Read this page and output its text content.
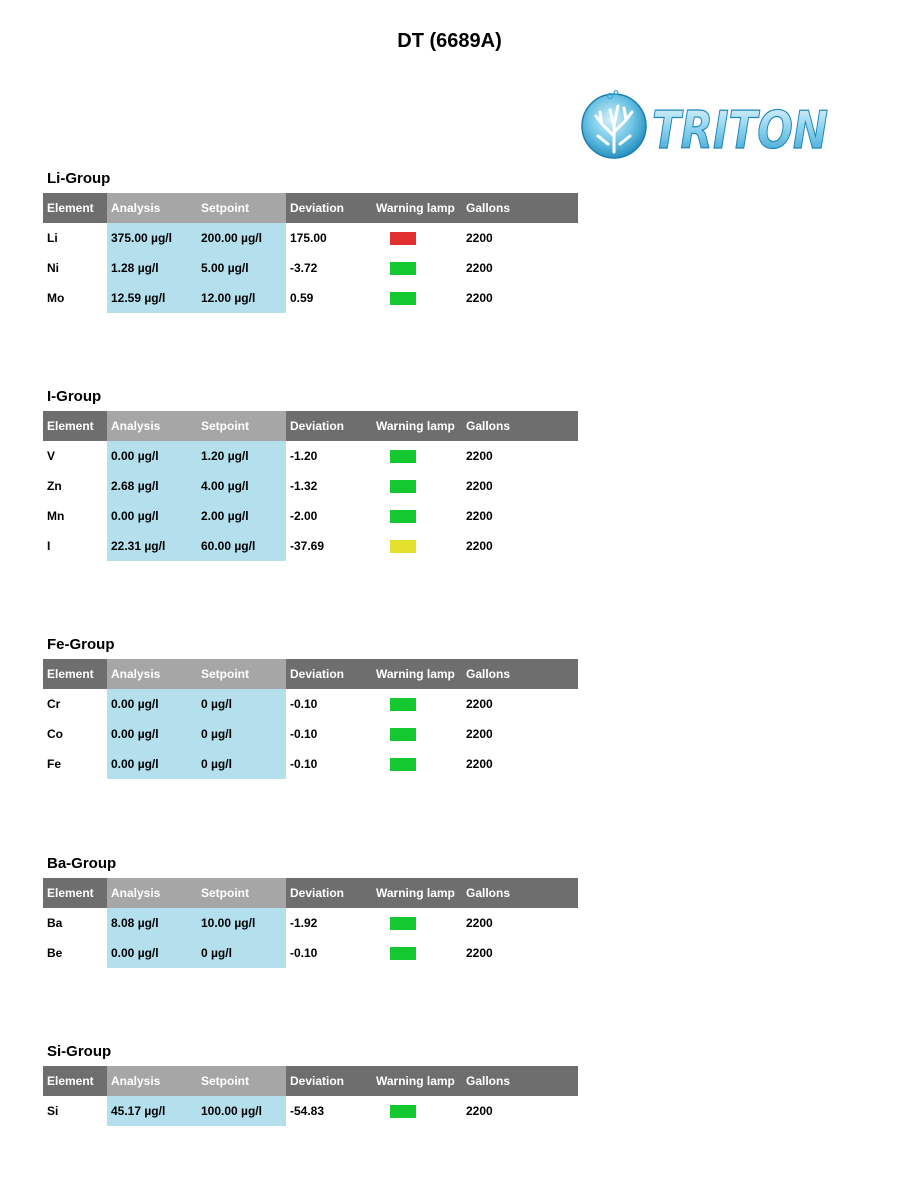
DT (6689A)
TRITON
Li-Group
Element	Analysis	Setpoint	Deviation	Warning lamp	Gallons
Li	375.00 µg/l	200.00 µg/l	175.00		2200
Ni	1.28 µg/l	5.00 µg/l	-3.72		2200
Mo	12.59 µg/l	12.00 µg/l	0.59		2200
I-Group
Element	Analysis	Setpoint	Deviation	Warning lamp	Gallons
V	0.00 µg/l	1.20 µg/l	-1.20		2200
Zn	2.68 µg/l	4.00 µg/l	-1.32		2200
Mn	0.00 µg/l	2.00 µg/l	-2.00		2200
I	22.31 µg/l	60.00 µg/l	-37.69		2200
Fe-Group
Element	Analysis	Setpoint	Deviation	Warning lamp	Gallons
Cr	0.00 µg/l	0 µg/l	-0.10		2200
Co	0.00 µg/l	0 µg/l	-0.10		2200
Fe	0.00 µg/l	0 µg/l	-0.10		2200
Ba-Group
Element	Analysis	Setpoint	Deviation	Warning lamp	Gallons
Ba	8.08 µg/l	10.00 µg/l	-1.92		2200
Be	0.00 µg/l	0 µg/l	-0.10		2200
Si-Group
Element	Analysis	Setpoint	Deviation	Warning lamp	Gallons
Si	45.17 µg/l	100.00 µg/l	-54.83		2200
